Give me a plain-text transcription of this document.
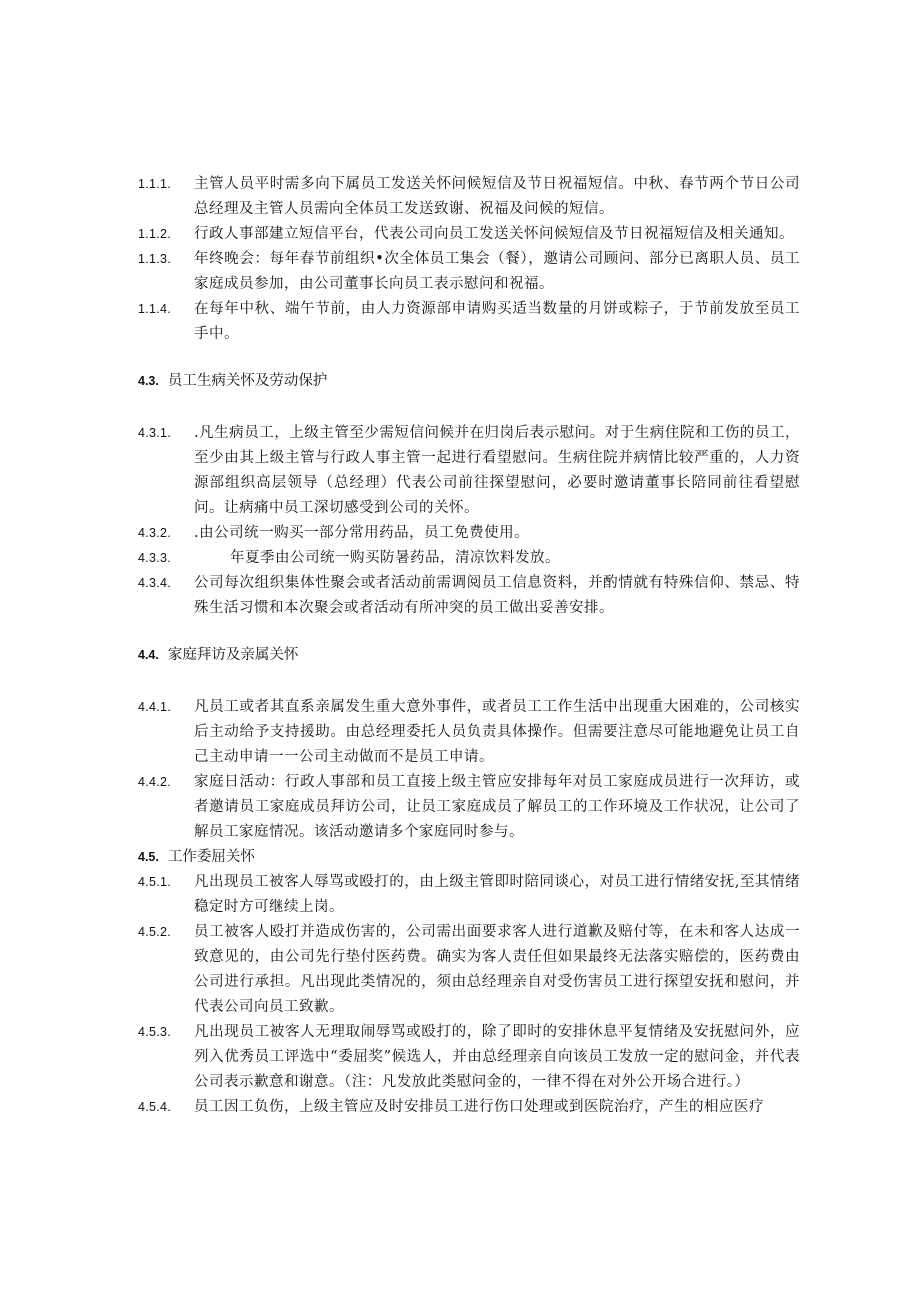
1.1.1.	主管人员平时需多向下属员工发送关怀问候短信及节日祝福短信。中秋、春节两个节日公司总经理及主管人员需向全体员工发送致谢、祝福及问候的短信。
1.1.2.	行政人事部建立短信平台，代表公司向员工发送关怀问候短信及节日祝福短信及相关通知。
1.1.3.	年终晚会：每年春节前组织•次全体员工集会（餐），邀请公司顾问、部分已离职人员、员工家庭成员参加，由公司董事长向员工表示慰问和祝福。
1.1.4.	在每年中秋、端午节前，由人力资源部申请购买适当数量的月饼或粽子，于节前发放至员工手中。
4.3. 员工生病关怀及劳动保护
4.3.1.	.凡生病员工，上级主管至少需短信问候并在归岗后表示慰问。对于生病住院和工伤的员工，至少由其上级主管与行政人事主管一起进行看望慰问。生病住院并病情比较严重的，人力资源部组织高层领导（总经理）代表公司前往探望慰问，必要时邀请董事长陪同前往看望慰问。让病痛中员工深切感受到公司的关怀。
4.3.2.	.由公司统一购买一部分常用药品，员工免费使用。
4.3.3.	年夏季由公司统一购买防暑药品，清凉饮料发放。
4.3.4.	公司每次组织集体性聚会或者活动前需调阅员工信息资料，并酌情就有特殊信仰、禁忌、特殊生活习惯和本次聚会或者活动有所冲突的员工做出妥善安排。
4.4. 家庭拜访及亲属关怀
4.4.1.	凡员工或者其直系亲属发生重大意外事件，或者员工工作生活中出现重大困难的，公司核实后主动给予支持援助。由总经理委托人员负责具体操作。但需要注意尽可能地避免让员工自己主动申请一一公司主动做而不是员工申请。
4.4.2.	家庭日活动：行政人事部和员工直接上级主管应安排每年对员工家庭成员进行一次拜访，或者邀请员工家庭成员拜访公司，让员工家庭成员了解员工的工作环境及工作状况，让公司了解员工家庭情况。该活动邀请多个家庭同时参与。
4.5. 工作委屈关怀
4.5.1.	凡出现员工被客人辱骂或殴打的，由上级主管即时陪同谈心，对员工进行情绪安抚,至其情绪稳定时方可继续上岗。
4.5.2.	员工被客人殴打并造成伤害的，公司需出面要求客人进行道歉及赔付等，在未和客人达成一致意见的，由公司先行垫付医药费。确实为客人责任但如果最终无法落实赔偿的，医药费由公司进行承担。凡出现此类情况的，须由总经理亲自对受伤害员工进行探望安抚和慰问，并代表公司向员工致歉。
4.5.3.	凡出现员工被客人无理取闹辱骂或殴打的，除了即时的安排休息平复情绪及安抚慰问外，应列入优秀员工评选中“委屈奖”候选人，并由总经理亲自向该员工发放一定的慰问金，并代表公司表示歉意和谢意。（注：凡发放此类慰问金的，一律不得在对外公开场合进行。）
4.5.4.	员工因工负伤，上级主管应及时安排员工进行伤口处理或到医院治疗，产生的相应医疗
